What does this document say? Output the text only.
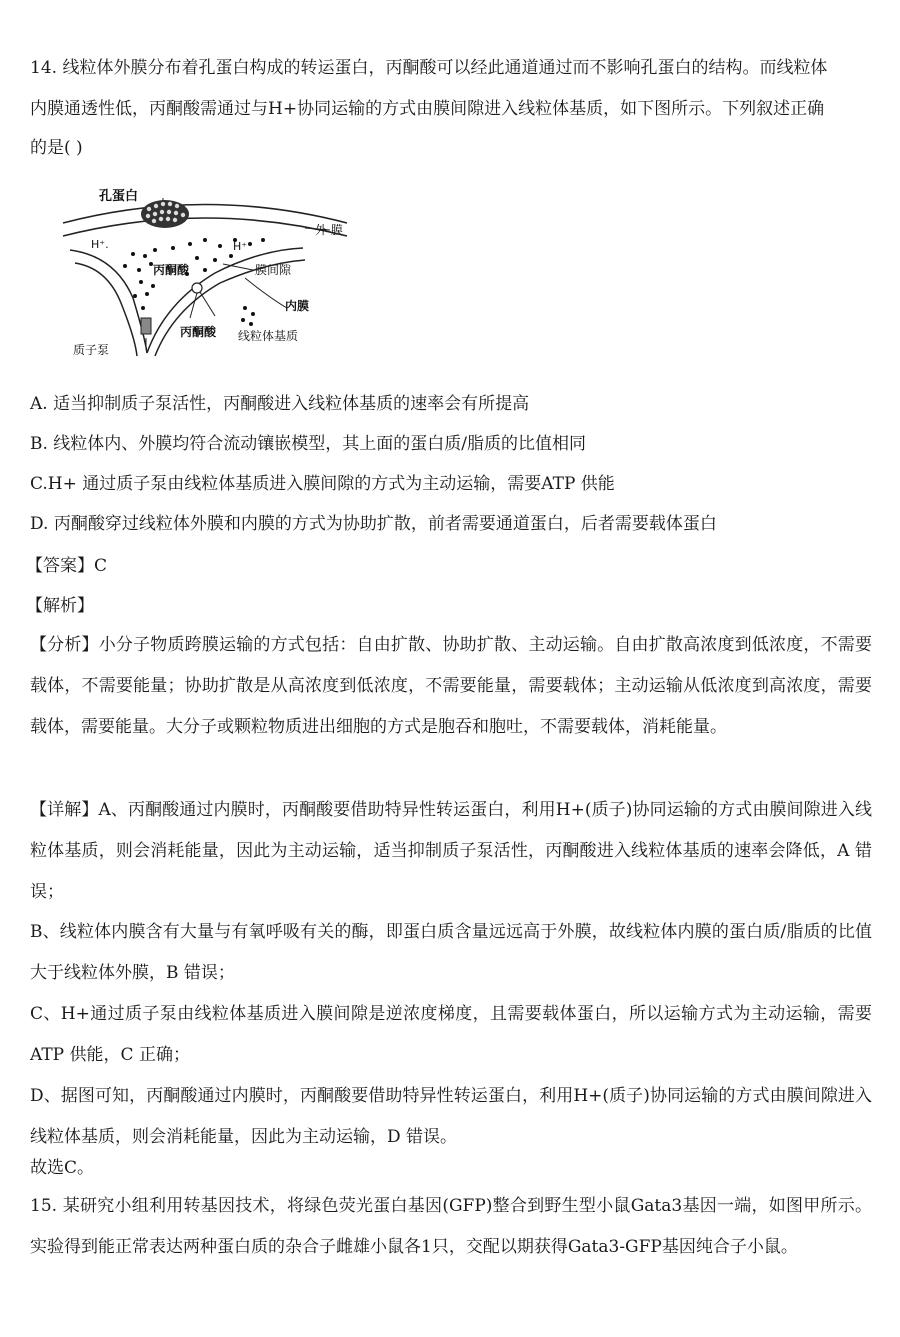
14. 线粒体外膜分布着孔蛋白构成的转运蛋白，丙酮酸可以经此通道通过而不影响孔蛋白的结构。而线粒体
内膜通透性低，丙酮酸需通过与H+协同运输的方式由膜间隙进入线粒体基质，如下图所示。下列叙述正确
的是( )
孔蛋白
外 膜
H⁺.	H⁺
丙酮酸	膜间隙
内膜
丙酮酸 线粒体基质
质子泵
A. 适当抑制质子泵活性，丙酮酸进入线粒体基质的速率会有所提高
B. 线粒体内、外膜均符合流动镶嵌模型，其上面的蛋白质/脂质的比值相同
C.H+ 通过质子泵由线粒体基质进入膜间隙的方式为主动运输，需要ATP 供能
D. 丙酮酸穿过线粒体外膜和内膜的方式为协助扩散，前者需要通道蛋白，后者需要载体蛋白
【答案】C
【解析】

【分析】小分子物质跨膜运输的方式包括：自由扩散、协助扩散、主动运输。自由扩散高浓度到低浓度，不需要载体，不需要能量；协助扩散是从高浓度到低浓度，不需要能量，需要载体；主动运输从低浓度到高浓度，需要载体，需要能量。大分子或颗粒物质进出细胞的方式是胞吞和胞吐，不需要载体，消耗能量。

【详解】A、丙酮酸通过内膜时，丙酮酸要借助特异性转运蛋白，利用H+(质子)协同运输的方式由膜间隙进入线粒体基质，则会消耗能量，因此为主动运输，适当抑制质子泵活性，丙酮酸进入线粒体基质的速率会降低，A 错误；

B、线粒体内膜含有大量与有氧呼吸有关的酶，即蛋白质含量远远高于外膜，故线粒体内膜的蛋白质/脂质的比值大于线粒体外膜，B 错误；

C、H+通过质子泵由线粒体基质进入膜间隙是逆浓度梯度，且需要载体蛋白，所以运输方式为主动运输，需要ATP 供能，C 正确；

D、据图可知，丙酮酸通过内膜时，丙酮酸要借助特异性转运蛋白，利用H+(质子)协同运输的方式由膜间隙进入线粒体基质，则会消耗能量，因此为主动运输，D 错误。

故选C。

15. 某研究小组利用转基因技术，将绿色荧光蛋白基因(GFP)整合到野生型小鼠Gata3基因一端，如图甲所示。实验得到能正常表达两种蛋白质的杂合子雌雄小鼠各1只，交配以期获得Gata3-GFP基因纯合子小鼠。
